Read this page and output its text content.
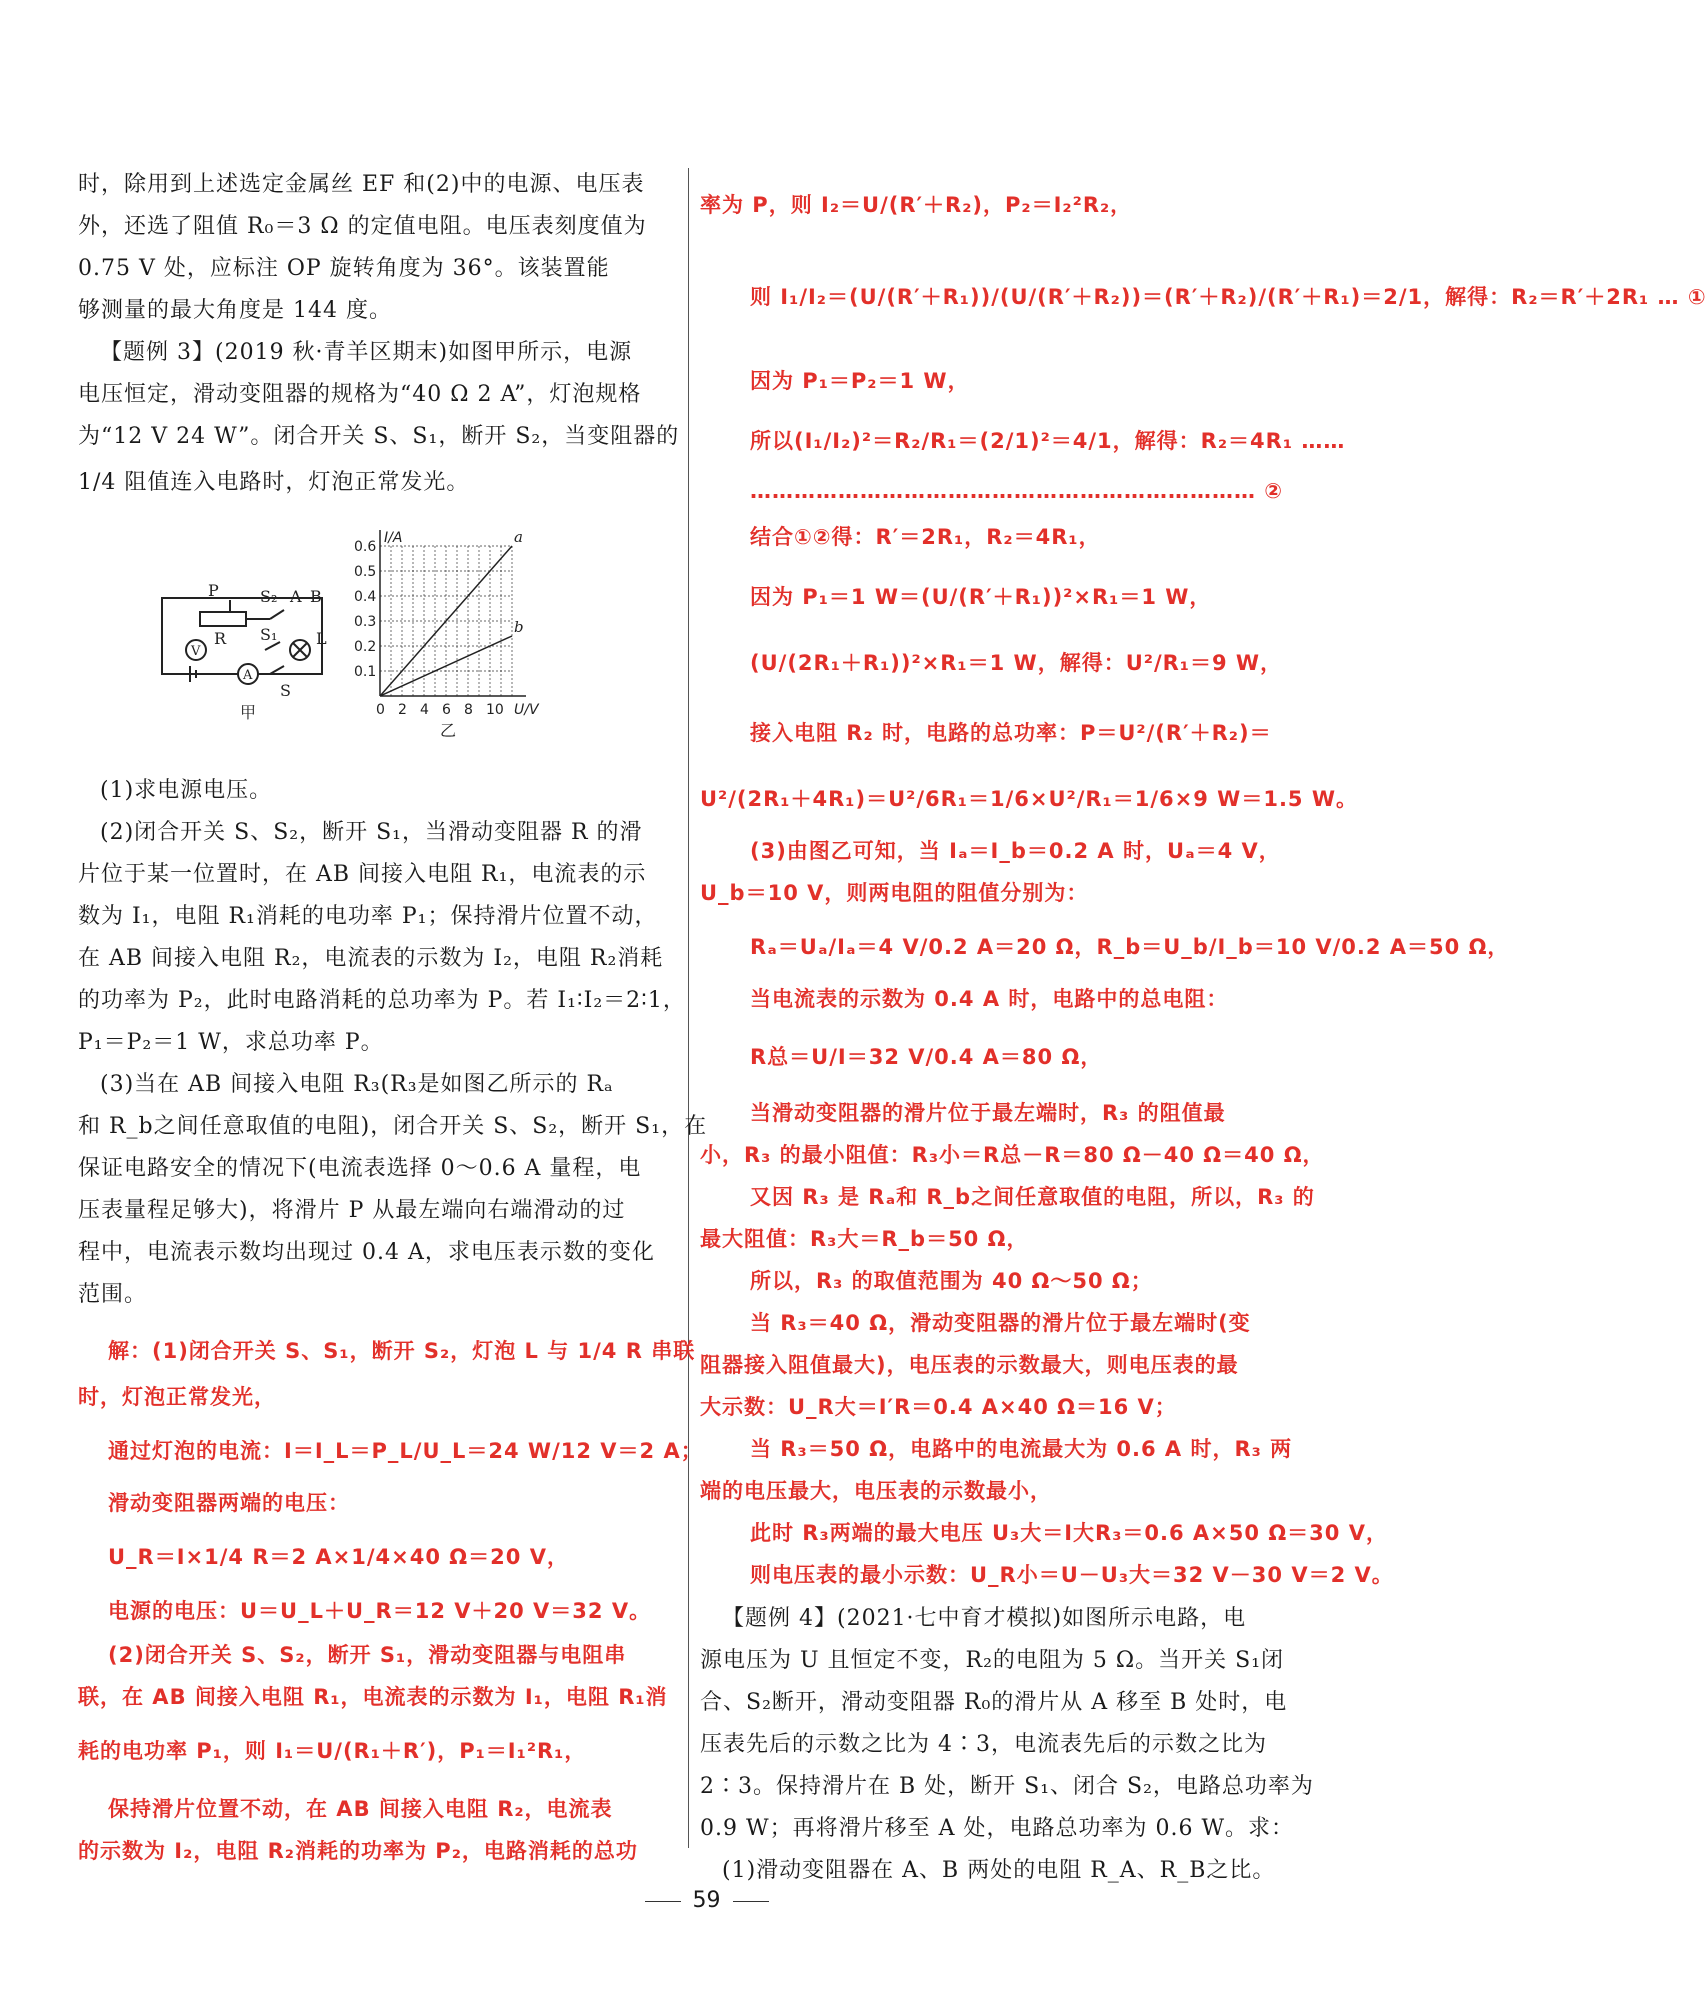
时，除用到上述选定金属丝 EF 和(2)中的电源、电压表
外，还选了阻值 R₀＝3 Ω 的定值电阻。电压表刻度值为
0.75 V 处，应标注 OP 旋转角度为 36°。该装置能
够测量的最大角度是 144 度。
【题例 3】(2019 秋·青羊区期末)如图甲所示，电源
电压恒定，滑动变阻器的规格为“40 Ω 2 A”，灯泡规格
为“12 V 24 W”。闭合开关 S、S₁，断开 S₂，当变阻器的
1/4 阻值连入电路时，灯泡正常发光。
(1)求电源电压。
(2)闭合开关 S、S₂，断开 S₁，当滑动变阻器 R 的滑
片位于某一位置时，在 AB 间接入电阻 R₁，电流表的示
数为 I₁，电阻 R₁消耗的电功率 P₁；保持滑片位置不动，
在 AB 间接入电阻 R₂，电流表的示数为 I₂，电阻 R₂消耗
的功率为 P₂，此时电路消耗的总功率为 P。若 I₁∶I₂＝2∶1，
P₁＝P₂＝1 W，求总功率 P。
(3)当在 AB 间接入电阻 R₃(R₃是如图乙所示的 Rₐ
和 R_b之间任意取值的电阻)，闭合开关 S、S₂，断开 S₁，在
保证电路安全的情况下(电流表选择 0～0.6 A 量程，电
压表量程足够大)，将滑片 P 从最左端向右端滑动的过
程中，电流表示数均出现过 0.4 A，求电压表示数的变化
范围。
解：(1)闭合开关 S、S₁，断开 S₂，灯泡 L 与 1/4 R 串联
时，灯泡正常发光，
通过灯泡的电流：I＝I_L＝P_L/U_L＝24 W/12 V＝2 A；
滑动变阻器两端的电压：
U_R＝I×1/4 R＝2 A×1/4×40 Ω＝20 V，
电源的电压：U＝U_L＋U_R＝12 V＋20 V＝32 V。
(2)闭合开关 S、S₂，断开 S₁，滑动变阻器与电阻串
联，在 AB 间接入电阻 R₁，电流表的示数为 I₁，电阻 R₁消
耗的电功率 P₁，则 I₁＝U/(R₁＋R′)，P₁＝I₁²R₁，
保持滑片位置不动，在 AB 间接入电阻 R₂，电流表
的示数为 I₂，电阻 R₂消耗的功率为 P₂，电路消耗的总功
率为 P，则 I₂＝U/(R′＋R₂)，P₂＝I₂²R₂，
则 I₁/I₂＝(U/(R′＋R₁))/(U/(R′＋R₂))＝(R′＋R₂)/(R′＋R₁)＝2/1，解得：R₂＝R′＋2R₁ … ①
因为 P₁＝P₂＝1 W，
所以(I₁/I₂)²＝R₂/R₁＝(2/1)²＝4/1，解得：R₂＝4R₁ ……
…………………………………………………………… ②
结合①②得：R′＝2R₁，R₂＝4R₁，
因为 P₁＝1 W＝(U/(R′＋R₁))²×R₁＝1 W，
(U/(2R₁＋R₁))²×R₁＝1 W，解得：U²/R₁＝9 W，
接入电阻 R₂ 时，电路的总功率：P＝U²/(R′＋R₂)＝
U²/(2R₁＋4R₁)＝U²/6R₁＝1/6×U²/R₁＝1/6×9 W＝1.5 W。
(3)由图乙可知，当 Iₐ＝I_b＝0.2 A 时，Uₐ＝4 V，
U_b＝10 V，则两电阻的阻值分别为：
Rₐ＝Uₐ/Iₐ＝4 V/0.2 A＝20 Ω，R_b＝U_b/I_b＝10 V/0.2 A＝50 Ω，
当电流表的示数为 0.4 A 时，电路中的总电阻：
R总＝U/I＝32 V/0.4 A＝80 Ω，
当滑动变阻器的滑片位于最左端时，R₃ 的阻值最
小，R₃ 的最小阻值：R₃小＝R总－R＝80 Ω－40 Ω＝40 Ω，
又因 R₃ 是 Rₐ和 R_b之间任意取值的电阻，所以，R₃ 的
最大阻值：R₃大＝R_b＝50 Ω，
所以，R₃ 的取值范围为 40 Ω～50 Ω；
当 R₃＝40 Ω，滑动变阻器的滑片位于最左端时(变
阻器接入阻值最大)，电压表的示数最大，则电压表的最
大示数：U_R大＝I′R＝0.4 A×40 Ω＝16 V；
当 R₃＝50 Ω，电路中的电流最大为 0.6 A 时，R₃ 两
端的电压最大，电压表的示数最小，
此时 R₃两端的最大电压 U₃大＝I大R₃＝0.6 A×50 Ω＝30 V，
则电压表的最小示数：U_R小＝U－U₃大＝32 V－30 V＝2 V。
【题例 4】(2021·七中育才模拟)如图所示电路，电
源电压为 U 且恒定不变，R₂的电阻为 5 Ω。当开关 S₁闭
合、S₂断开，滑动变阻器 R₀的滑片从 A 移至 B 处时，电
压表先后的示数之比为 4∶3，电流表先后的示数之比为
2∶3。保持滑片在 B 处，断开 S₁、闭合 S₂，电路总功率为
0.9 W；再将滑片移至 A 处，电路总功率为 0.6 W。求：
(1)滑动变阻器在 A、B 两处的电阻 R_A、R_B之比。
P	S₂ A B
R S₁ L
V
A
S
甲
a
b
0 2 4 6 8 10
0.1
0.2
0.3
0.4
0.5
0.6
U/V
I/A
乙
59
